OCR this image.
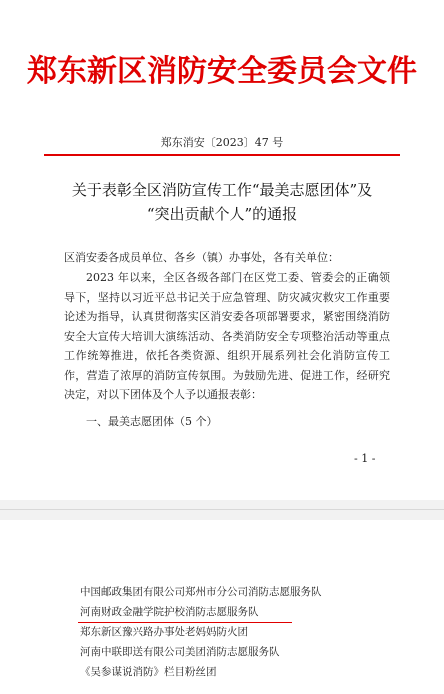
郑东新区消防安全委员会文件
郑东消安〔2023〕47 号
关于表彰全区消防宣传工作“最美志愿团体”及
“突出贡献个人”的通报
区消安委各成员单位、各乡（镇）办事处，各有关单位：

2023 年以来，全区各级各部门在区党工委、管委会的正确领导下，坚持以习近平总书记关于应急管理、防灾减灾救灾工作重要论述为指导，认真贯彻落实区消安委各项部署要求，紧密围绕消防安全大宣传大培训大演练活动、各类消防安全专项整治活动等重点工作统筹推进，依托各类资源、组织开展系列社会化消防宣传工作，营造了浓厚的消防宣传氛围。为鼓励先进、促进工作，经研究决定，对以下团体及个人予以通报表彰：

一、最美志愿团体（5 个）
- 1 -
中国邮政集团有限公司郑州市分公司消防志愿服务队
河南财政金融学院护校消防志愿服务队
郑东新区豫兴路办事处老妈妈防火团
河南中联即送有限公司美团消防志愿服务队
《吴参谋说消防》栏目粉丝团
